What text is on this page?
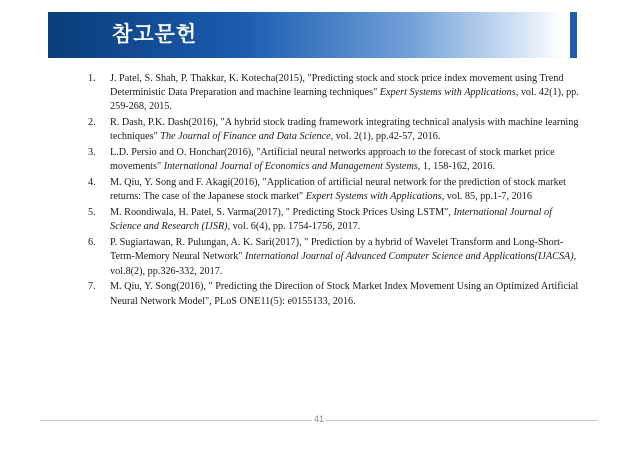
참고문헌
1. J. Patel, S. Shah, P. Thakkar, K. Kotecha(2015), "Predicting stock and stock price index movement using Trend Deterministic Data Preparation and machine learning techniques" Expert Systems with Applications, vol. 42(1), pp. 259-268, 2015.
2. R. Dash, P.K. Dash(2016), "A hybrid stock trading framework integrating technical analysis with machine learning techniques" The Journal of Finance and Data Science, vol. 2(1), pp.42-57, 2016.
3. L.D. Persio and O. Honchar(2016), "Artificial neural networks approach to the forecast of stock market price movements" International Journal of Economics and Management Systems, 1, 158-162, 2016.
4. M. Qiu, Y. Song and F. Akagi(2016), "Application of artificial neural network for the prediction of stock market returns: The case of the Japanese stock market" Expert Systems with Applications, vol. 85, pp.1-7, 2016
5. M. Roondiwala, H. Patel, S. Varma(2017), " Predicting Stock Prices Using LSTM", International Journal of Science and Research (IJSR), vol. 6(4), pp. 1754-1756, 2017.
6. P. Sugiartawan, R. Pulungan, A. K. Sari(2017), " Prediction by a hybrid of Wavelet Transform and Long-Short-Term-Memory Neural Network" International Journal of Advanced Computer Science and Applications(IJACSA), vol.8(2), pp.326-332, 2017.
7. M. Qiu, Y. Song(2016), " Predicting the Direction of Stock Market Index Movement Using an Optimized Artificial Neural Network Model", PLoS ONE11(5): e0155133, 2016.
41
